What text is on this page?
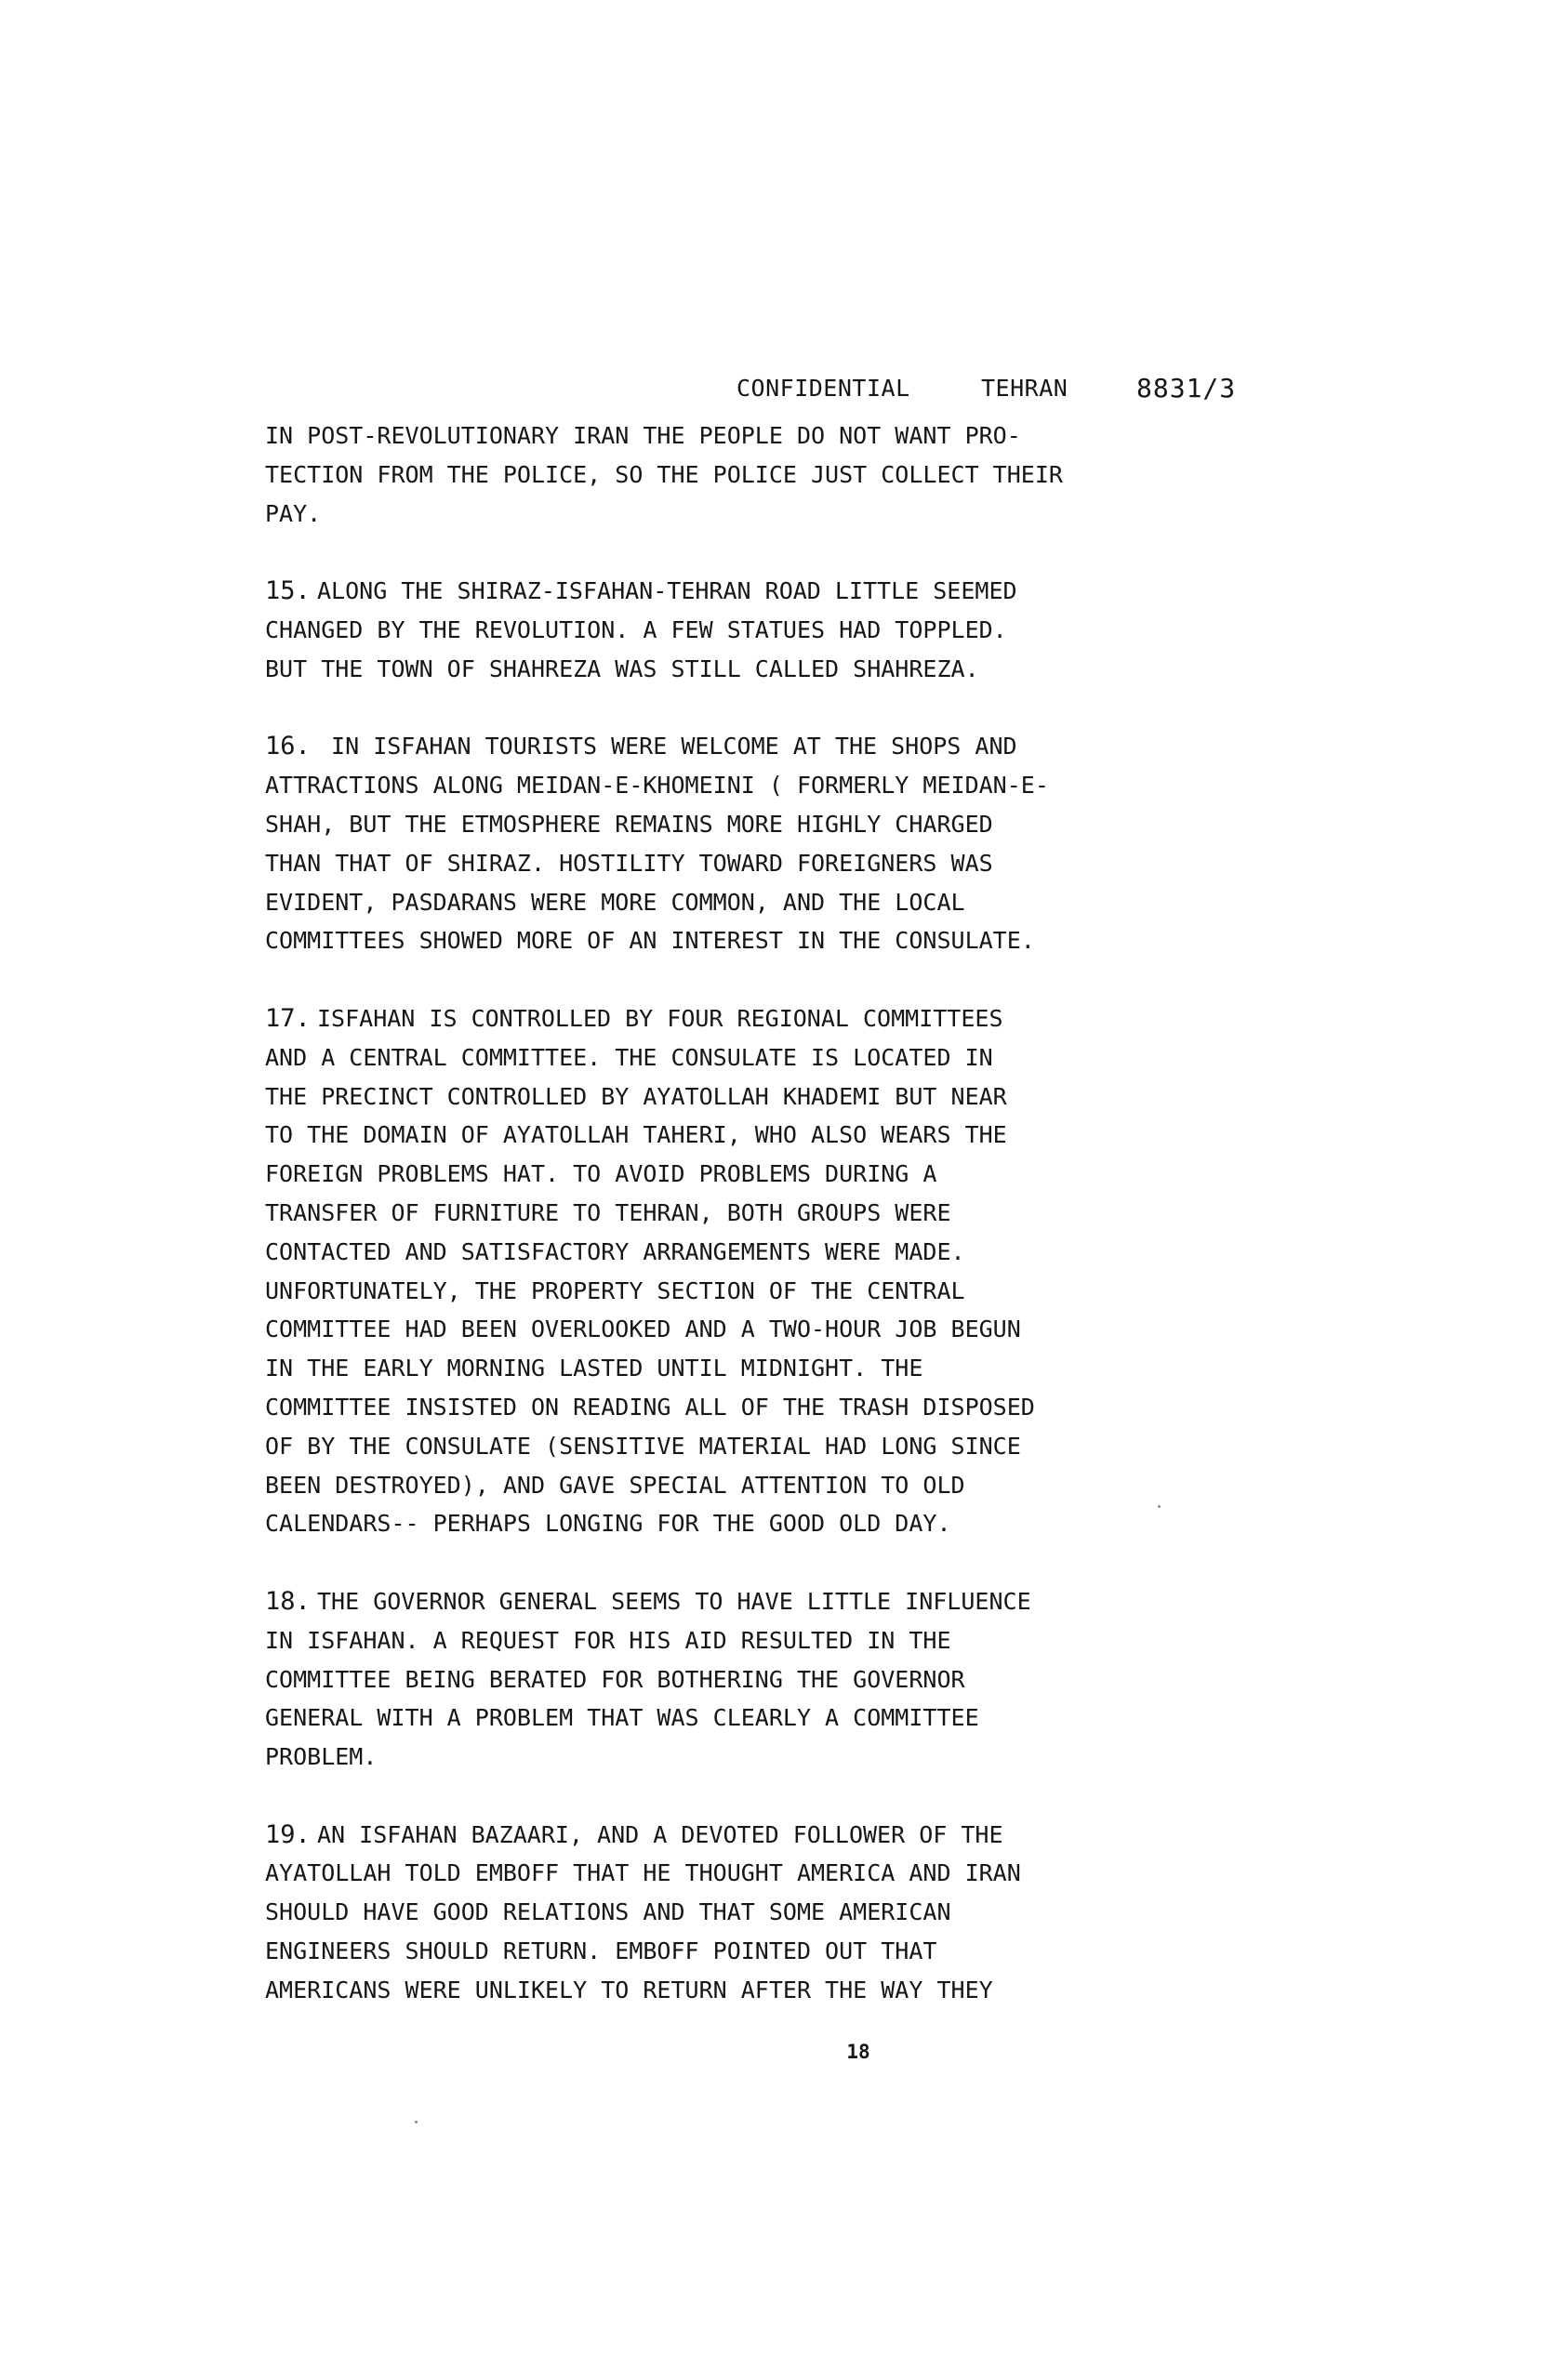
CONFIDENTIAL	TEHRAN	8831/3

IN POST-REVOLUTIONARY IRAN THE PEOPLE DO NOT WANT PRO-
TECTION FROM THE POLICE, SO THE POLICE JUST COLLECT THEIR
PAY.

15. ALONG THE SHIRAZ-ISFAHAN-TEHRAN ROAD LITTLE SEEMED
CHANGED BY THE REVOLUTION. A FEW STATUES HAD TOPPLED.
BUT THE TOWN OF SHAHREZA WAS STILL CALLED SHAHREZA.

16. IN ISFAHAN TOURISTS WERE WELCOME AT THE SHOPS AND
ATTRACTIONS ALONG MEIDAN-E-KHOMEINI ( FORMERLY MEIDAN-E-
SHAH, BUT THE ETMOSPHERE REMAINS MORE HIGHLY CHARGED
THAN THAT OF SHIRAZ. HOSTILITY TOWARD FOREIGNERS WAS
EVIDENT, PASDARANS WERE MORE COMMON, AND THE LOCAL
COMMITTEES SHOWED MORE OF AN INTEREST IN THE CONSULATE.

17. ISFAHAN IS CONTROLLED BY FOUR REGIONAL COMMITTEES
AND A CENTRAL COMMITTEE. THE CONSULATE IS LOCATED IN
THE PRECINCT CONTROLLED BY AYATOLLAH KHADEMI BUT NEAR
TO THE DOMAIN OF AYATOLLAH TAHERI, WHO ALSO WEARS THE
FOREIGN PROBLEMS HAT. TO AVOID PROBLEMS DURING A
TRANSFER OF FURNITURE TO TEHRAN, BOTH GROUPS WERE
CONTACTED AND SATISFACTORY ARRANGEMENTS WERE MADE.
UNFORTUNATELY, THE PROPERTY SECTION OF THE CENTRAL
COMMITTEE HAD BEEN OVERLOOKED AND A TWO-HOUR JOB BEGUN
IN THE EARLY MORNING LASTED UNTIL MIDNIGHT. THE
COMMITTEE INSISTED ON READING ALL OF THE TRASH DISPOSED
OF BY THE CONSULATE (SENSITIVE MATERIAL HAD LONG SINCE
BEEN DESTROYED), AND GAVE SPECIAL ATTENTION TO OLD
CALENDARS-- PERHAPS LONGING FOR THE GOOD OLD DAY.

18. THE GOVERNOR GENERAL SEEMS TO HAVE LITTLE INFLUENCE
IN ISFAHAN. A REQUEST FOR HIS AID RESULTED IN THE
COMMITTEE BEING BERATED FOR BOTHERING THE GOVERNOR
GENERAL WITH A PROBLEM THAT WAS CLEARLY A COMMITTEE
PROBLEM.

19. AN ISFAHAN BAZAARI, AND A DEVOTED FOLLOWER OF THE
AYATOLLAH TOLD EMBOFF THAT HE THOUGHT AMERICA AND IRAN
SHOULD HAVE GOOD RELATIONS AND THAT SOME AMERICAN
ENGINEERS SHOULD RETURN. EMBOFF POINTED OUT THAT
AMERICANS WERE UNLIKELY TO RETURN AFTER THE WAY THEY

18
